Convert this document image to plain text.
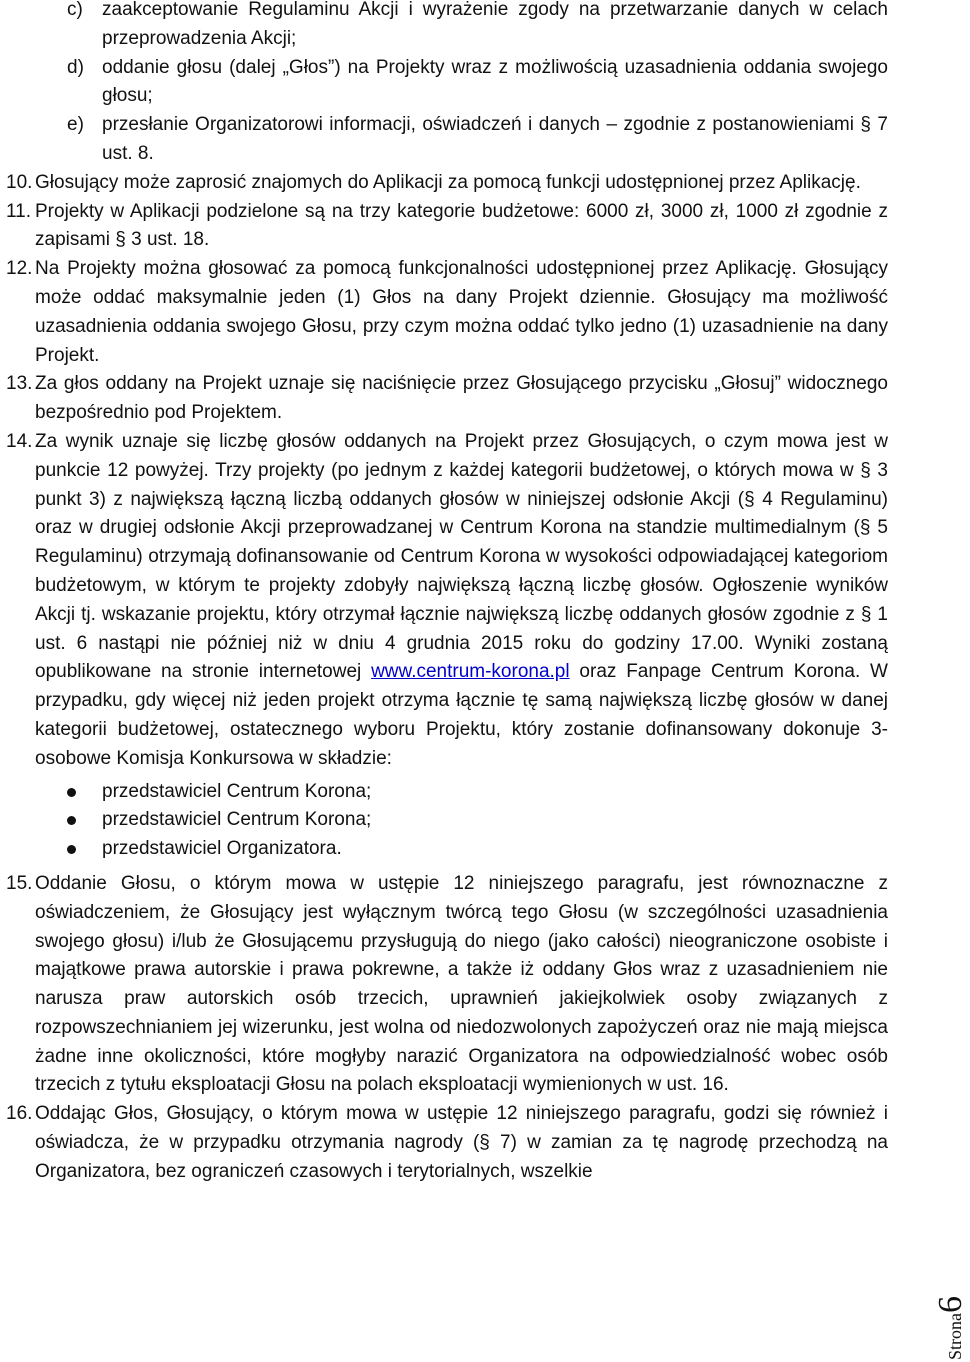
c) zaakceptowanie Regulaminu Akcji i wyrażenie zgody na przetwarzanie danych w celach przeprowadzenia Akcji;
d) oddanie głosu (dalej „Głos”) na Projekty wraz z możliwością uzasadnienia oddania swojego głosu;
e) przesłanie Organizatorowi informacji, oświadczeń i danych – zgodnie z postanowieniami § 7 ust. 8.
10. Głosujący może zaprosić znajomych do Aplikacji za pomocą funkcji udostępnionej przez Aplikację.
11. Projekty w Aplikacji podzielone są na trzy kategorie budżetowe: 6000 zł, 3000 zł, 1000 zł zgodnie z zapisami § 3 ust. 18.
12. Na Projekty można głosować za pomocą funkcjonalności udostępnionej przez Aplikację. Głosujący może oddać maksymalnie jeden (1) Głos na dany Projekt dziennie. Głosujący ma możliwość uzasadnienia oddania swojego Głosu, przy czym można oddać tylko jedno (1) uzasadnienie na dany Projekt.
13. Za głos oddany na Projekt uznaje się naciśnięcie przez Głosującego przycisku „Głosuj” widocznego bezpośrednio pod Projektem.
14. Za wynik uznaje się liczbę głosów oddanych na Projekt przez Głosujących, o czym mowa jest w punkcie 12 powyżej. Trzy projekty (po jednym z każdej kategorii budżetowej, o których mowa w § 3 punkt 3) z największą łączną liczbą oddanych głosów w niniejszej odsłonie Akcji (§ 4 Regulaminu) oraz w drugiej odsłonie Akcji przeprowadzanej w Centrum Korona na standzie multimedialnym (§ 5 Regulaminu) otrzymają dofinansowanie od Centrum Korona w wysokości odpowiadającej kategoriom budżetowym, w którym te projekty zdobyły największą łączną liczbę głosów. Ogłoszenie wyników Akcji tj. wskazanie projektu, który otrzymał łącznie największą liczbę oddanych głosów zgodnie z § 1 ust. 6 nastąpi nie później niż w dniu 4 grudnia 2015 roku do godziny 17.00. Wyniki zostaną opublikowane na stronie internetowej www.centrum-korona.pl oraz Fanpage Centrum Korona. W przypadku, gdy więcej niż jeden projekt otrzyma łącznie tę samą największą liczbę głosów w danej kategorii budżetowej, ostatecznego wyboru Projektu, który zostanie dofinansowany dokonuje 3-osobowe Komisja Konkursowa w składzie:
przedstawiciel Centrum Korona;
przedstawiciel Centrum Korona;
przedstawiciel Organizatora.
15. Oddanie Głosu, o którym mowa w ustępie 12 niniejszego paragrafu, jest równoznaczne z oświadczeniem, że Głosujący jest wyłącznym twórcą tego Głosu (w szczególności uzasadnienia swojego głosu) i/lub że Głosującemu przysługują do niego (jako całości) nieograniczone osobiste i majątkowe prawa autorskie i prawa pokrewne, a także iż oddany Głos wraz z uzasadnieniem nie narusza praw autorskich osób trzecich, uprawnień jakiejkolwiek osoby związanych z rozpowszechnianiem jej wizerunku, jest wolna od niedozwolonych zapożyczeń oraz nie mają miejsca żadne inne okoliczności, które mogłyby narazić Organizatora na odpowiedzialność wobec osób trzecich z tytułu eksploatacji Głosu na polach eksploatacji wymienionych w ust. 16.
16. Oddając Głos, Głosujący, o którym mowa w ustępie 12 niniejszego paragrafu, godzi się również i oświadcza, że w przypadku otrzymania nagrody (§ 7) w zamian za tę nagrodę przechodzą na Organizatora, bez ograniczeń czasowych i terytorialnych, wszelkie
Strona6
